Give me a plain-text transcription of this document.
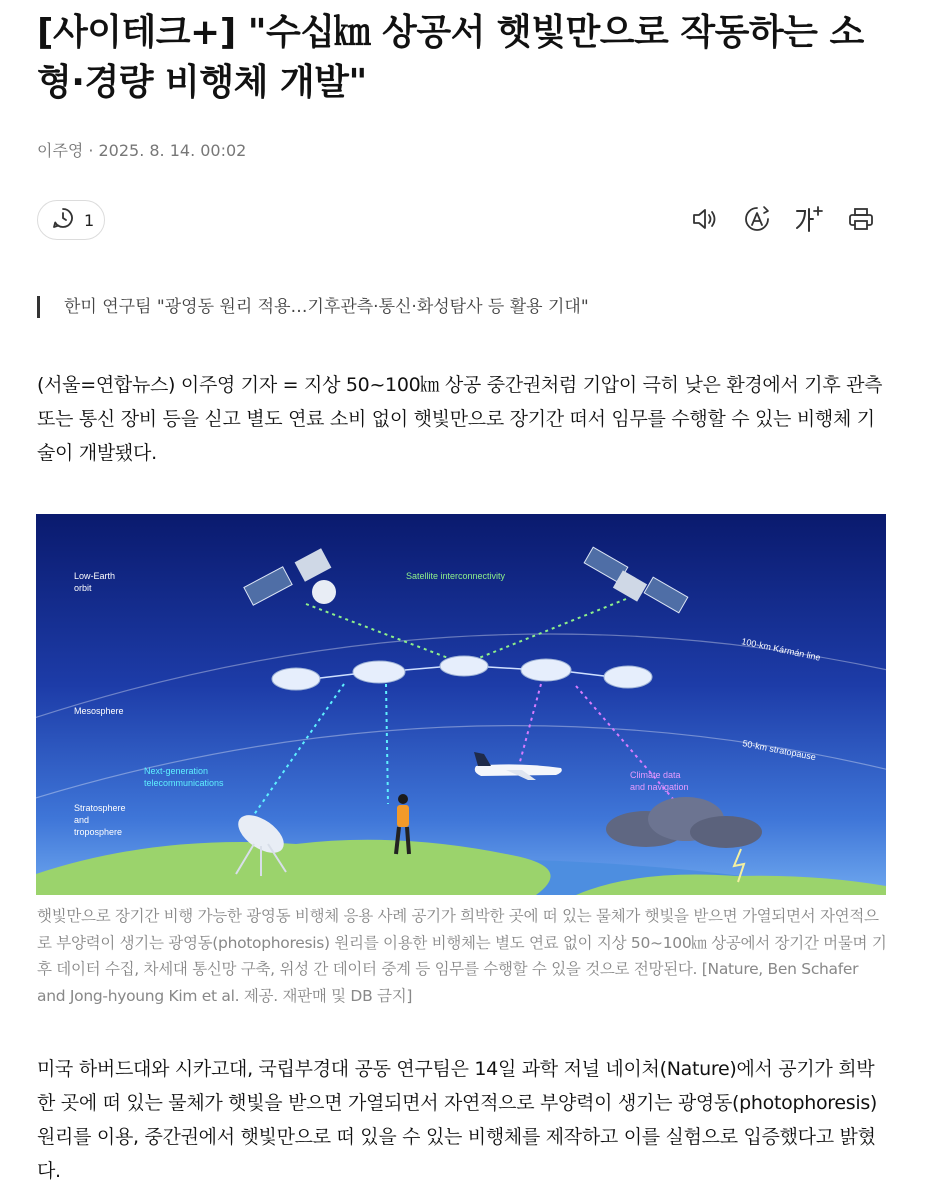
[사이테크+] "수십㎞ 상공서 햇빛만으로 작동하는 소형·경량 비행체 개발"
이주영 · 2025. 8. 14. 00:02
1
한미 연구팀 "광영동 원리 적용…기후관측·통신·화성탐사 등 활용 기대"

(서울=연합뉴스) 이주영 기자 = 지상 50~100㎞ 상공 중간권처럼 기압이 극히 낮은 환경에서 기후 관측 또는 통신 장비 등을 싣고 별도 연료 소비 없이 햇빛만으로 장기간 떠서 임무를 수행할 수 있는 비행체 기술이 개발됐다.

Low-Earth
orbit
Satellite interconnectivity
100-km Kármán line
Mesosphere
50-km stratopause
Next-generation
telecommunications
Climate data
and navigation
Stratosphere
and
troposphere

햇빛만으로 장기간 비행 가능한 광영동 비행체 응용 사례 공기가 희박한 곳에 떠 있는 물체가 햇빛을 받으면 가열되면서 자연적으로 부양력이 생기는 광영동(photophoresis) 원리를 이용한 비행체는 별도 연료 없이 지상 50~100㎞ 상공에서 장기간 머물며 기후 데이터 수집, 차세대 통신망 구축, 위성 간 데이터 중계 등 임무를 수행할 수 있을 것으로 전망된다. [Nature, Ben Schafer and Jong-hyoung Kim et al. 제공. 재판매 및 DB 금지]

미국 하버드대와 시카고대, 국립부경대 공동 연구팀은 14일 과학 저널 네이처(Nature)에서 공기가 희박한 곳에 떠 있는 물체가 햇빛을 받으면 가열되면서 자연적으로 부양력이 생기는 광영동(photophoresis) 원리를 이용, 중간권에서 햇빛만으로 떠 있을 수 있는 비행체를 제작하고 이를 실험으로 입증했다고 밝혔다.
